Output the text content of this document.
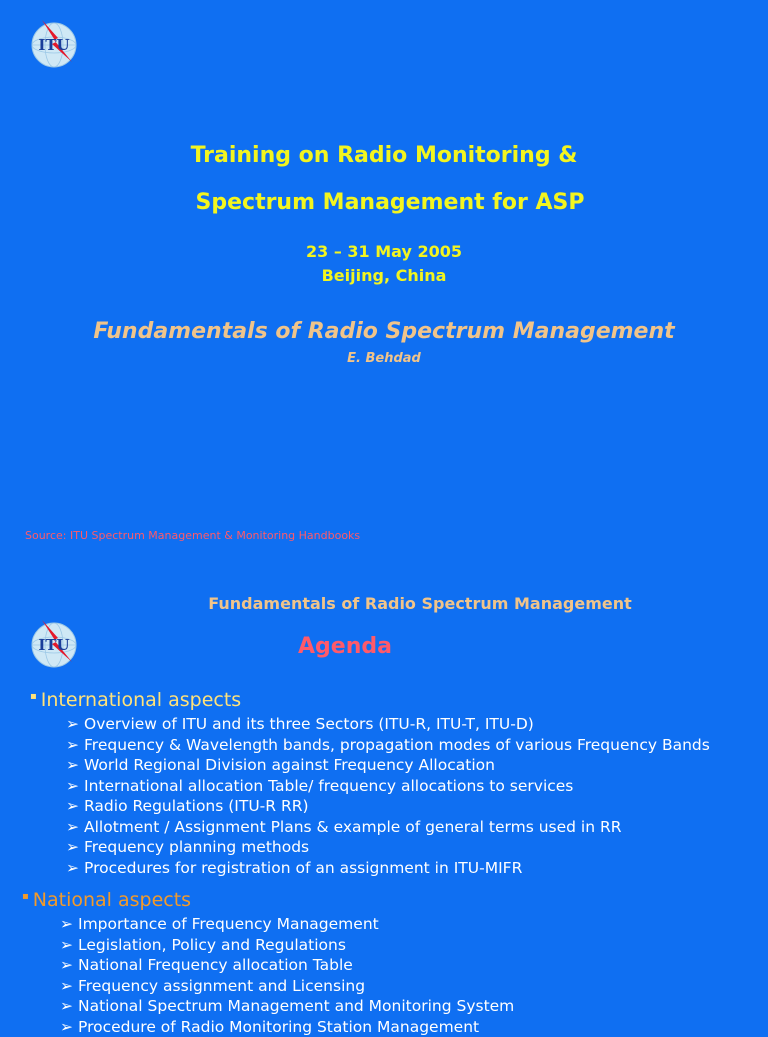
ITU
Training on Radio Monitoring &
Spectrum Management for ASP
23 – 31 May 2005
Beijing, China
Fundamentals of Radio Spectrum Management
E. Behdad
Source: ITU Spectrum Management & Monitoring Handbooks
Fundamentals of Radio Spectrum Management
ITU	Agenda
▪ International aspects
➢ Overview of ITU and its three Sectors (ITU-R, ITU-T, ITU-D)
➢ Frequency & Wavelength bands, propagation modes of various Frequency Bands
➢ World Regional Division against Frequency Allocation
➢ International allocation Table/ frequency allocations to services
➢ Radio Regulations (ITU-R RR)
➢ Allotment / Assignment Plans & example of general terms used in RR
➢ Frequency planning methods
➢ Procedures for registration of an assignment in ITU-MIFR
▪ National aspects
➢ Importance of Frequency Management
➢ Legislation, Policy and Regulations
➢ National Frequency allocation Table
➢ Frequency assignment and Licensing
➢ National Spectrum Management and Monitoring System
➢ Procedure of Radio Monitoring Station Management
